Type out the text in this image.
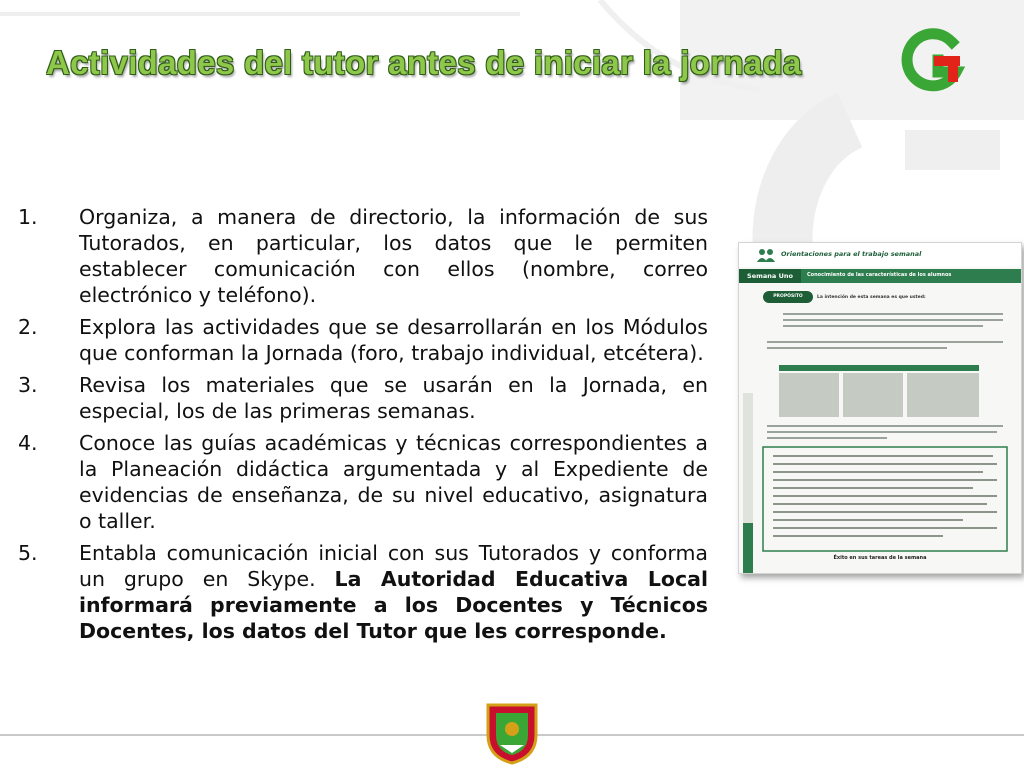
Actividades del tutor antes de iniciar la jornada
1.	Organiza, a manera de directorio, la información de sus Tutorados, en particular, los datos que le permiten establecer comunicación con ellos (nombre, correo electrónico y teléfono).
2.	Explora las actividades que se desarrollarán en los Módulos que conforman la Jornada (foro, trabajo individual, etcétera).
3.	Revisa los materiales que se usarán en la Jornada, en especial, los de las primeras semanas.
4.	Conoce las guías académicas y técnicas correspondientes a la Planeación didáctica argumentada y al Expediente de evidencias de enseñanza, de su nivel educativo, asignatura o taller.
5.	Entabla comunicación inicial con sus Tutorados y conforma un grupo en Skype. La Autoridad Educativa Local informará previamente a los Docentes y Técnicos Docentes, los datos del Tutor que les corresponde.
Orientaciones para el trabajo semanal
Semana Uno	Conocimiento de las características de los alumnos
PROPÓSITO	La intención de esta semana es que usted:
Éxito en sus tareas de la semana
